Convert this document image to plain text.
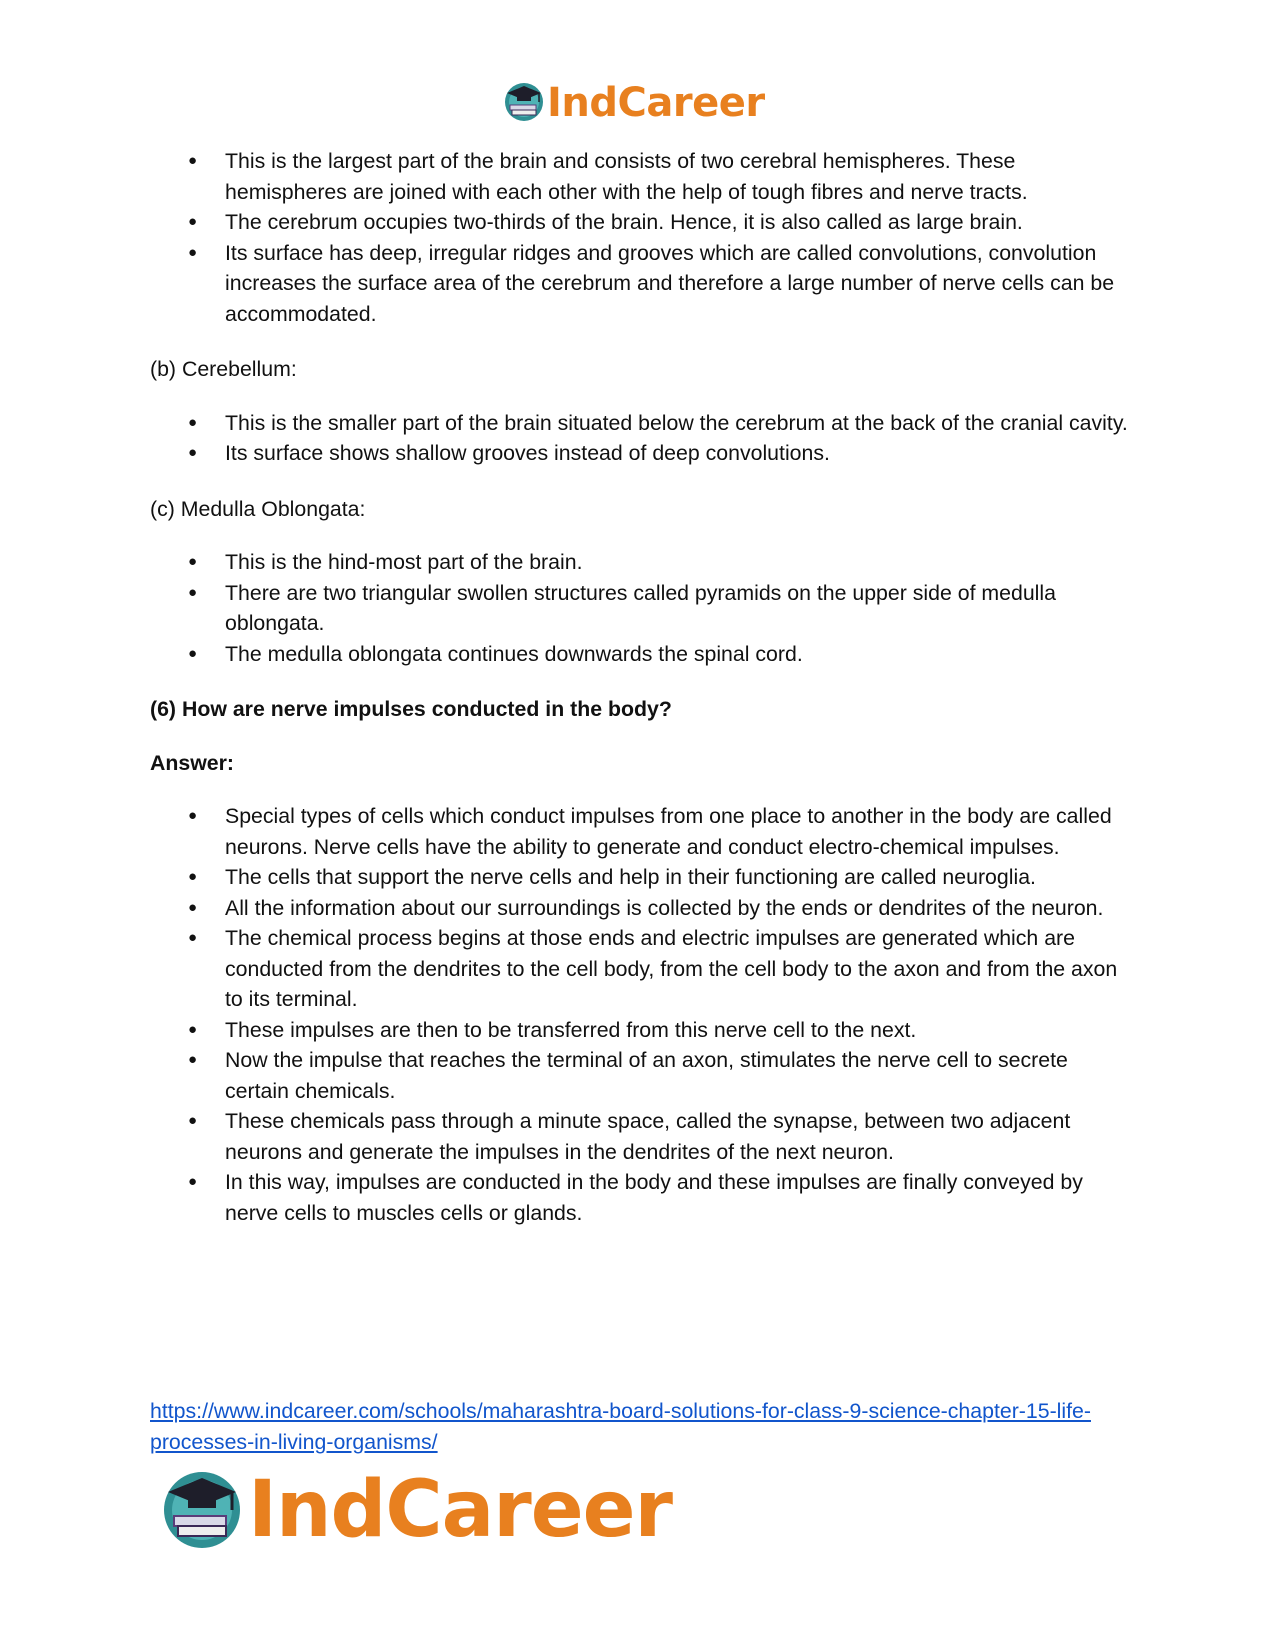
IndCareer
● This is the largest part of the brain and consists of two cerebral hemispheres. These hemispheres are joined with each other with the help of tough fibres and nerve tracts.
● The cerebrum occupies two-thirds of the brain. Hence, it is also called as large brain.
● Its surface has deep, irregular ridges and grooves which are called convolutions, convolution increases the surface area of the cerebrum and therefore a large number of nerve cells can be accommodated.

(b) Cerebellum:

● This is the smaller part of the brain situated below the cerebrum at the back of the cranial cavity.
● Its surface shows shallow grooves instead of deep convolutions.

(c) Medulla Oblongata:

● This is the hind-most part of the brain.
● There are two triangular swollen structures called pyramids on the upper side of medulla oblongata.
● The medulla oblongata continues downwards the spinal cord.

(6) How are nerve impulses conducted in the body?

Answer:

● Special types of cells which conduct impulses from one place to another in the body are called neurons. Nerve cells have the ability to generate and conduct electro-chemical impulses.
● The cells that support the nerve cells and help in their functioning are called neuroglia.
● All the information about our surroundings is collected by the ends or dendrites of the neuron.
● The chemical process begins at those ends and electric impulses are generated which are conducted from the dendrites to the cell body, from the cell body to the axon and from the axon to its terminal.
● These impulses are then to be transferred from this nerve cell to the next.
● Now the impulse that reaches the terminal of an axon, stimulates the nerve cell to secrete certain chemicals.
● These chemicals pass through a minute space, called the synapse, between two adjacent neurons and generate the impulses in the dendrites of the next neuron.
● In this way, impulses are conducted in the body and these impulses are finally conveyed by nerve cells to muscles cells or glands.
https://www.indcareer.com/schools/maharashtra-board-solutions-for-class-9-science-chapter-15-life-processes-in-living-organisms/
IndCareer
